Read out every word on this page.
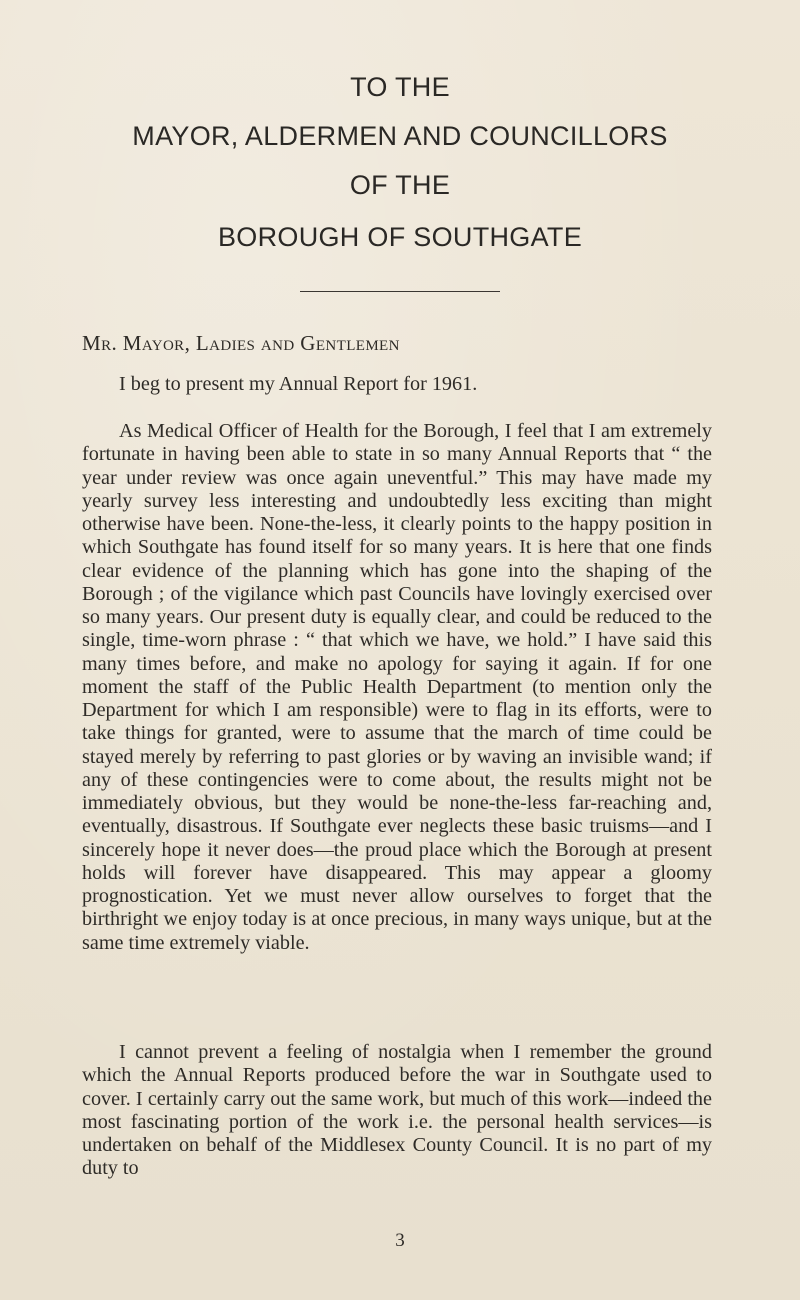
TO THE
MAYOR, ALDERMEN AND COUNCILLORS
OF THE
BOROUGH OF SOUTHGATE
Mr. Mayor, Ladies and Gentlemen

I beg to present my Annual Report for 1961.

As Medical Officer of Health for the Borough, I feel that I am extremely fortunate in having been able to state in so many Annual Reports that “ the year under review was once again uneventful.” This may have made my yearly survey less interesting and undoubtedly less exciting than might otherwise have been. None-the-less, it clearly points to the happy position in which Southgate has found itself for so many years. It is here that one finds clear evidence of the planning which has gone into the shaping of the Borough ; of the vigilance which past Councils have lovingly exercised over so many years. Our present duty is equally clear, and could be reduced to the single, time-worn phrase : “ that which we have, we hold.” I have said this many times before, and make no apology for saying it again. If for one moment the staff of the Public Health Department (to mention only the Department for which I am responsible) were to flag in its efforts, were to take things for granted, were to assume that the march of time could be stayed merely by referring to past glories or by waving an invisible wand; if any of these contingencies were to come about, the results might not be immediately obvious, but they would be none-the-less far-reaching and, eventually, disastrous. If Southgate ever neglects these basic truisms—and I sincerely hope it never does—the proud place which the Borough at present holds will forever have disappeared. This may appear a gloomy prognostication. Yet we must never allow ourselves to forget that the birthright we enjoy today is at once precious, in many ways unique, but at the same time extremely viable.

I cannot prevent a feeling of nostalgia when I remember the ground which the Annual Reports produced before the war in Southgate used to cover. I certainly carry out the same work, but much of this work—indeed the most fascinating portion of the work i.e. the personal health services—is undertaken on behalf of the Middlesex County Council. It is no part of my duty to

3
